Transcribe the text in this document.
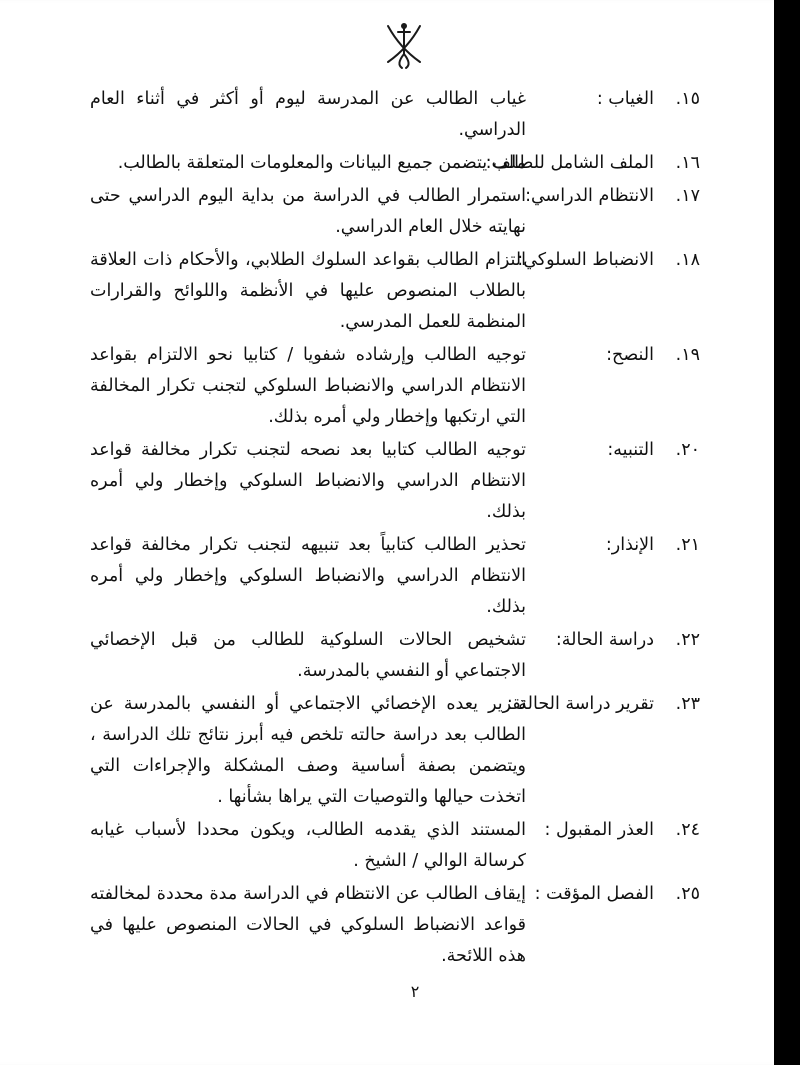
١٥.
الغياب :
غياب الطالب عن المدرسة ليوم أو أكثر في أثناء العام الدراسي.
١٦.
الملف الشامل للطالب:
ملف يتضمن جميع البيانات والمعلومات المتعلقة بالطالب.
١٧.
الانتظام الدراسي:
استمرار الطالب في الدراسة من بداية اليوم الدراسي حتى نهايته خلال العام الدراسي.
١٨.
الانضباط السلوكي:
التزام الطالب بقواعد السلوك الطلابي، والأحكام ذات العلاقة بالطلاب المنصوص عليها في الأنظمة واللوائح والقرارات المنظمة للعمل المدرسي.
١٩.
النصح:
توجيه الطالب وإرشاده شفويا / كتابيا نحو الالتزام بقواعد الانتظام الدراسي والانضباط السلوكي لتجنب تكرار المخالفة التي ارتكبها وإخطار ولي أمره بذلك.
٢٠.
التنبيه:
توجيه الطالب كتابيا بعد نصحه لتجنب تكرار مخالفة قواعد الانتظام الدراسي والانضباط السلوكي وإخطار ولي أمره بذلك.
٢١.
الإنذار:
تحذير الطالب كتابياً بعد تنبيهه لتجنب تكرار مخالفة قواعد الانتظام الدراسي والانضباط السلوكي وإخطار ولي أمره بذلك.
٢٢.
دراسة الحالة:
تشخيص الحالات السلوكية للطالب من قبل الإخصائي الاجتماعي أو النفسي بالمدرسة.
٢٣.
تقرير دراسة الحالة :
تقرير يعده الإخصائي الاجتماعي أو النفسي بالمدرسة عن الطالب بعد دراسة حالته تلخص فيه أبرز نتائج تلك الدراسة ، ويتضمن بصفة أساسية وصف المشكلة والإجراءات التي اتخذت حيالها والتوصيات التي يراها بشأنها .
٢٤.
العذر المقبول :
المستند الذي يقدمه الطالب، ويكون محددا لأسباب غيابه كرسالة الوالي / الشيخ .
٢٥.
الفصل المؤقت :
إيقاف الطالب عن الانتظام في الدراسة مدة محددة لمخالفته قواعد الانضباط السلوكي في الحالات المنصوص عليها في هذه اللائحة.
٢
